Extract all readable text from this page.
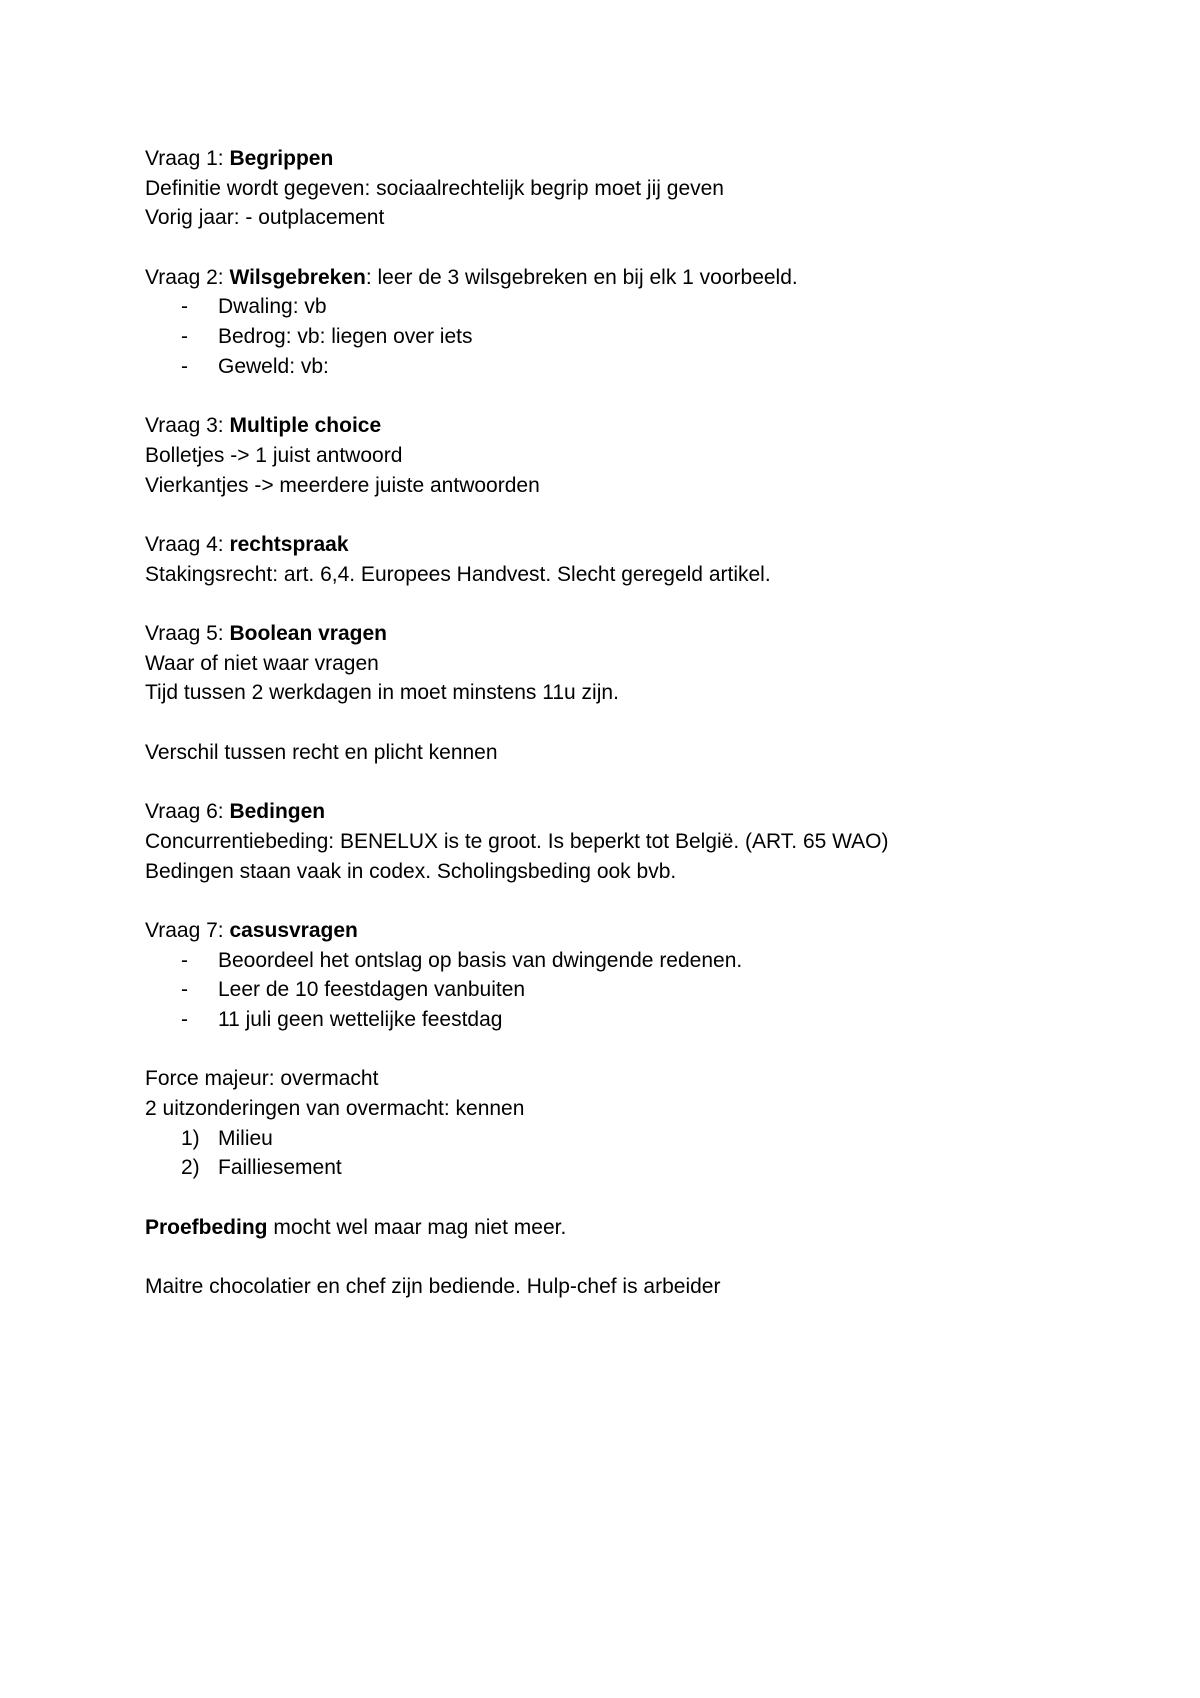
Vraag 1: Begrippen

Definitie wordt gegeven: sociaalrechtelijk begrip moet jij geven

Vorig jaar: - outplacement

Vraag 2: Wilsgebreken: leer de 3 wilsgebreken en bij elk 1 voorbeeld.

-	Dwaling: vb
-	Bedrog: vb: liegen over iets
-	Geweld: vb:

Vraag 3: Multiple choice

Bolletjes -> 1 juist antwoord

Vierkantjes -> meerdere juiste antwoorden

Vraag 4: rechtspraak

Stakingsrecht: art. 6,4. Europees Handvest. Slecht geregeld artikel.

Vraag 5: Boolean vragen

Waar of niet waar vragen

Tijd tussen 2 werkdagen in moet minstens 11u zijn.

Verschil tussen recht en plicht kennen

Vraag 6: Bedingen

Concurrentiebeding: BENELUX is te groot. Is beperkt tot België. (ART. 65 WAO)

Bedingen staan vaak in codex. Scholingsbeding ook bvb.

Vraag 7: casusvragen

-	Beoordeel het ontslag op basis van dwingende redenen.
-	Leer de 10 feestdagen vanbuiten
-	11 juli geen wettelijke feestdag

Force majeur: overmacht

2 uitzonderingen van overmacht: kennen

1) Milieu
2) Failliesement

Proefbeding mocht wel maar mag niet meer.

Maitre chocolatier en chef zijn bediende. Hulp-chef is arbeider
